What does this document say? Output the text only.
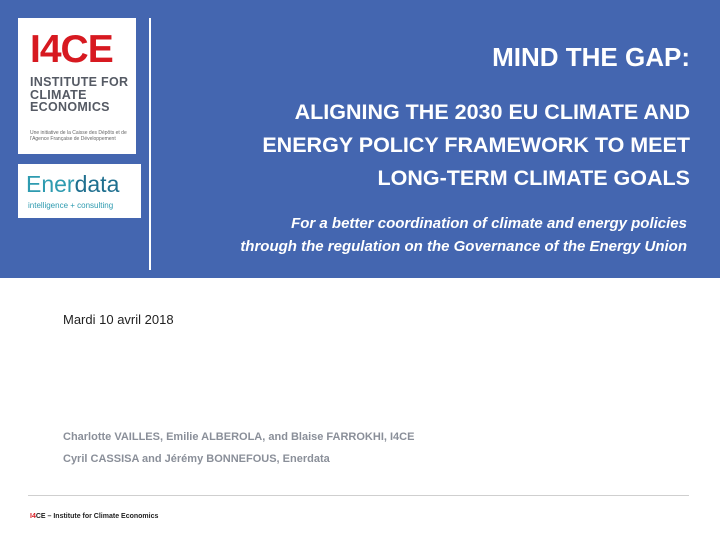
I4CE
INSTITUTE FOR
CLIMATE
ECONOMICS
Une initiative de la Caisse des Dépôts et de l'Agence Française de Développement
Enerdata
intelligence + consulting
MIND THE GAP:
ALIGNING THE 2030 EU CLIMATE AND
ENERGY POLICY FRAMEWORK TO MEET
LONG-TERM CLIMATE GOALS
For a better coordination of climate and energy policies
through the regulation on the Governance of the Energy Union
Mardi 10 avril 2018
Charlotte VAILLES, Emilie ALBEROLA, and Blaise FARROKHI, I4CE
Cyril CASSISA and Jérémy BONNEFOUS, Enerdata
I4CE – Institute for Climate Economics
